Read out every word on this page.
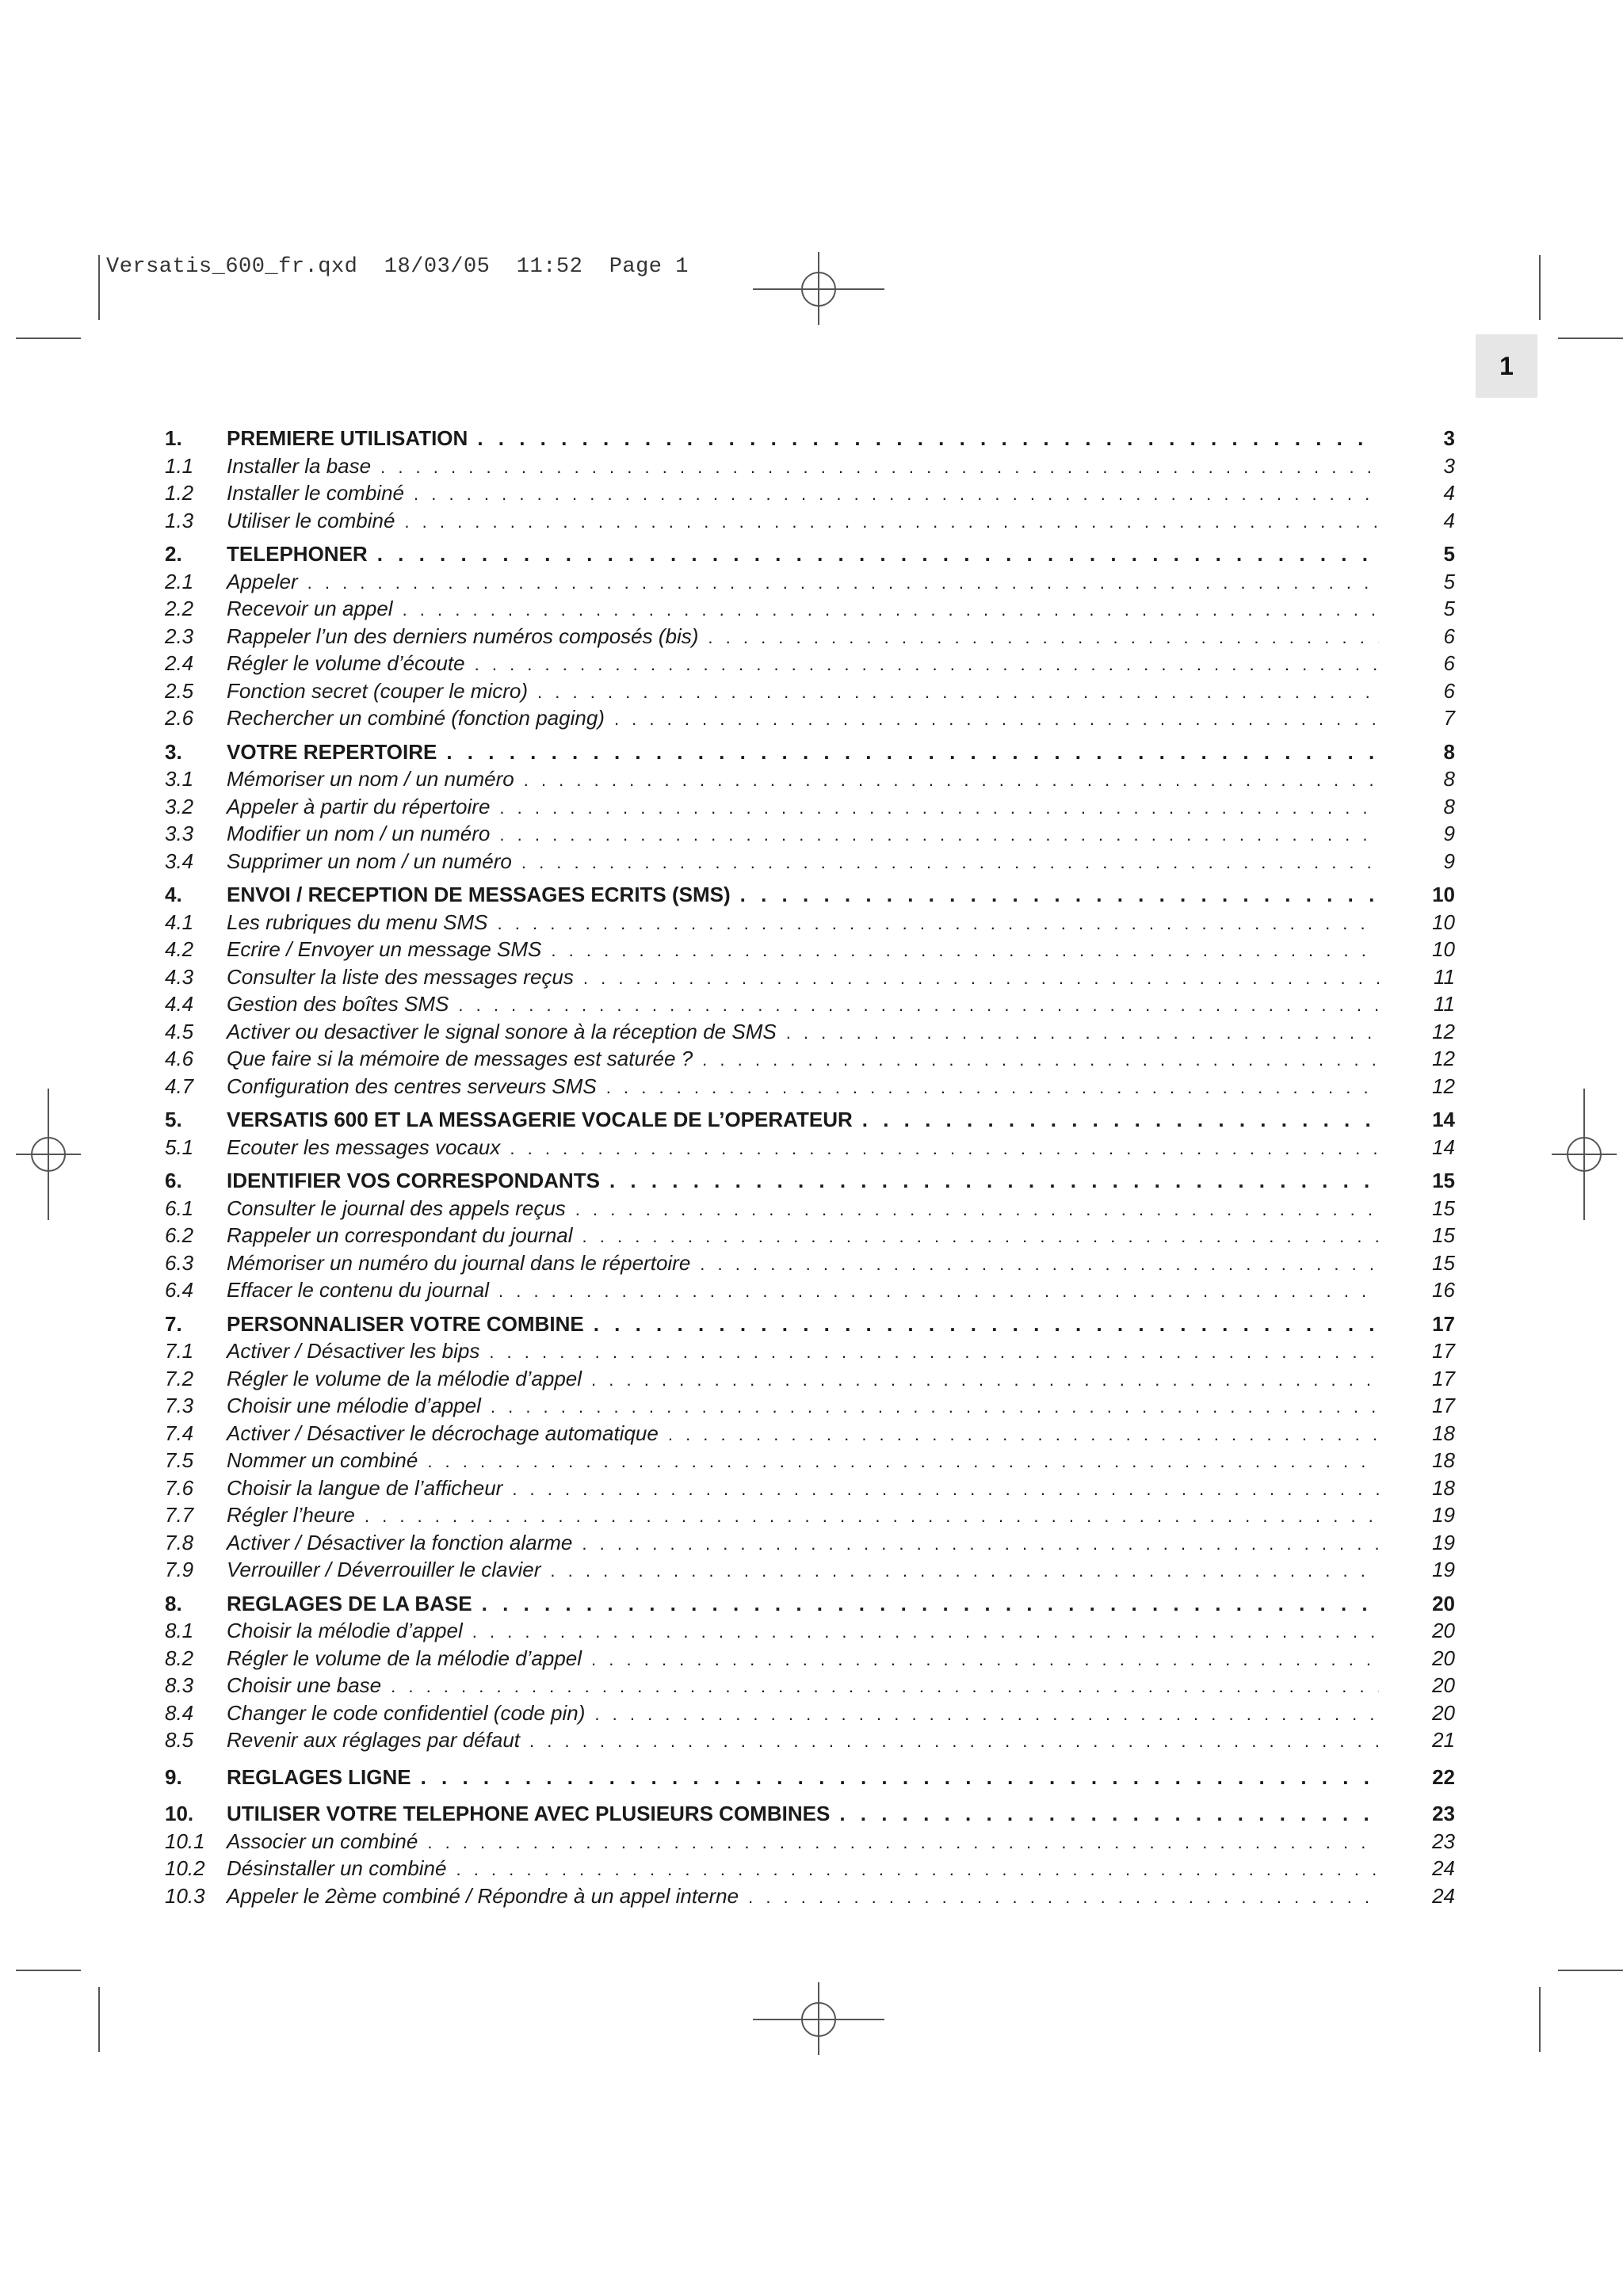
Versatis_600_fr.qxd  18/03/05  11:52  Page 1
1
1.	PREMIERE UTILISATION . . .	3
1.1	Installer la base . . .	3
1.2	Installer le combiné . . .	4
1.3	Utiliser le combiné . . .	4
2.	TELEPHONER . . .	5
2.1	Appeler . . .	5
2.2	Recevoir un appel . . .	5
2.3	Rappeler l’un des derniers numéros composés (bis) . . .	6
2.4	Régler le volume d’écoute . . .	6
2.5	Fonction secret (couper le micro) . . .	6
2.6	Rechercher un combiné (fonction paging) . . .	7
3.	VOTRE REPERTOIRE . . .	8
3.1	Mémoriser un nom / un numéro . . .	8
3.2	Appeler à partir du répertoire . . .	8
3.3	Modifier un nom / un numéro . . .	9
3.4	Supprimer un nom / un numéro . . .	9
4.	ENVOI / RECEPTION DE MESSAGES ECRITS (SMS) . . .	10
4.1	Les rubriques du menu SMS . . .	10
4.2	Ecrire / Envoyer un message SMS . . .	10
4.3	Consulter la liste des messages reçus . . .	11
4.4	Gestion des boîtes SMS . . .	11
4.5	Activer ou desactiver le signal sonore à la réception de SMS . . .	12
4.6	Que faire si la mémoire de messages est saturée ? . . .	12
4.7	Configuration des centres serveurs SMS . . .	12
5.	VERSATIS 600 ET LA MESSAGERIE VOCALE DE L’OPERATEUR . . .	14
5.1	Ecouter les messages vocaux . . .	14
6.	IDENTIFIER VOS CORRESPONDANTS . . .	15
6.1	Consulter le journal des appels reçus . . .	15
6.2	Rappeler un correspondant du journal . . .	15
6.3	Mémoriser un numéro du journal dans le répertoire . . .	15
6.4	Effacer le contenu du journal . . .	16
7.	PERSONNALISER VOTRE COMBINE . . .	17
7.1	Activer / Désactiver les bips . . .	17
7.2	Régler le volume de la mélodie d’appel . . .	17
7.3	Choisir une mélodie d’appel . . .	17
7.4	Activer / Désactiver le décrochage automatique . . .	18
7.5	Nommer un combiné . . .	18
7.6	Choisir la langue de l’afficheur . . .	18
7.7	Régler l’heure . . .	19
7.8	Activer / Désactiver la fonction alarme . . .	19
7.9	Verrouiller / Déverrouiller le clavier . . .	19
8.	REGLAGES DE LA BASE . . .	20
8.1	Choisir la mélodie d’appel . . .	20
8.2	Régler le volume de la mélodie d’appel . . .	20
8.3	Choisir une base . . .	20
8.4	Changer le code confidentiel (code pin) . . .	20
8.5	Revenir aux réglages par défaut . . .	21
9.	REGLAGES LIGNE . . .	22
10.	UTILISER VOTRE TELEPHONE AVEC PLUSIEURS COMBINES . . .	23
10.1	Associer un combiné . . .	23
10.2	Désinstaller un combiné . . .	24
10.3	Appeler le 2ème combiné / Répondre à un appel interne . . .	24
